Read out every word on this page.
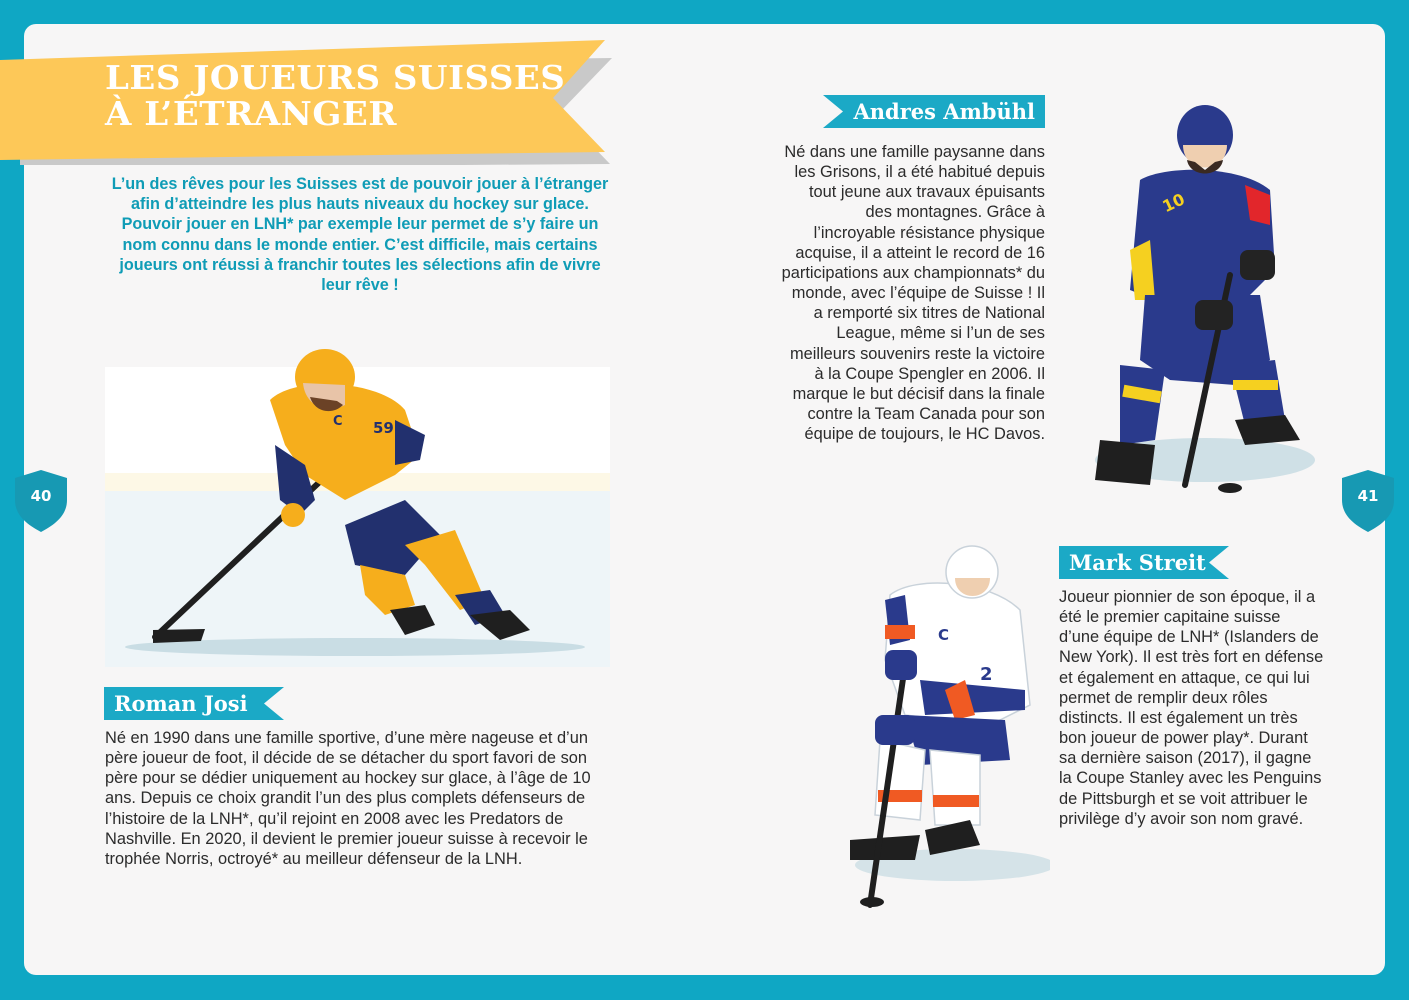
LES JOUEURS SUISSES
À L’ÉTRANGER

L’un des rêves pour les Suisses est de pouvoir jouer à l’étranger afin d’atteindre les plus hauts niveaux du hockey sur glace. Pouvoir jouer en LNH* par exemple leur permet de s’y faire un nom connu dans le monde entier. C’est difficile, mais certains joueurs ont réussi à franchir toutes les sélections afin de vivre leur rêve !

40	41
59
C
Roman Josi

Né en 1990 dans une famille sportive, d’une mère nageuse et d’un père joueur de foot, il décide de se détacher du sport favori de son père pour se dédier uniquement au hockey sur glace, à l’âge de 10 ans. Depuis ce choix grandit l’un des plus complets défenseurs de l’histoire de la LNH*, qu’il rejoint en 2008 avec les Predators de Nashville. En 2020, il devient le premier joueur suisse à recevoir le trophée Norris, octroyé* au meilleur défenseur de la LNH.

Andres Ambühl

Né dans une famille paysanne dans les Grisons, il a été habitué depuis tout jeune aux travaux épuisants des montagnes. Grâce à l’incroyable résistance physique acquise, il a atteint le record de 16 participations aux championnats* du monde, avec l’équipe de Suisse ! Il a remporté six titres de National League, même si l’un de ses meilleurs souvenirs reste la victoire à la Coupe Spengler en 2006. Il marque le but décisif dans la finale contre la Team Canada pour son équipe de toujours, le HC Davos.

10
Mark Streit

Joueur pionnier de son époque, il a été le premier capitaine suisse d’une équipe de LNH* (Islanders de New York). Il est très fort en défense et également en attaque, ce qui lui permet de remplir deux rôles distincts. Il est également un très bon joueur de power play*. Durant sa dernière saison (2017), il gagne la Coupe Stanley avec les Penguins de Pittsburgh et se voit attribuer le privilège d’y avoir son nom gravé.

C
2
